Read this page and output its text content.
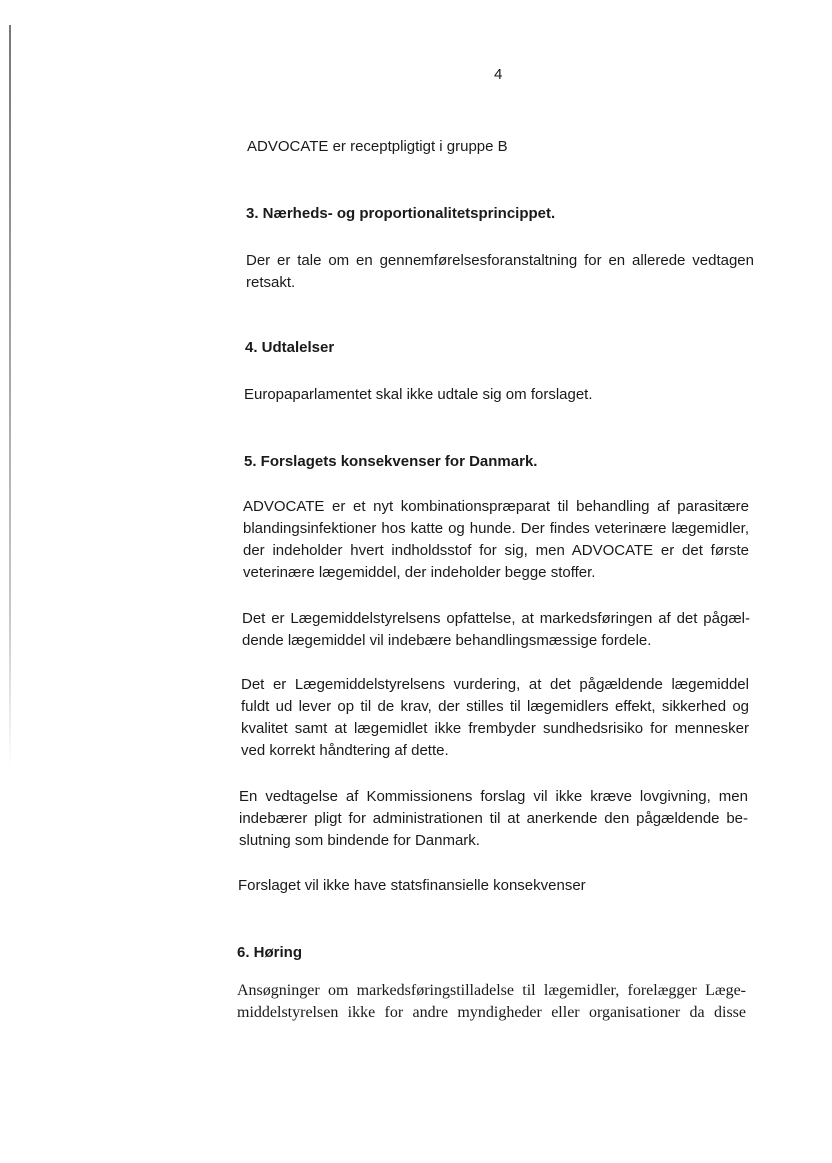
4
ADVOCATE er receptpligtigt i gruppe B
3. Nærheds- og proportionalitetsprincippet.
Der er tale om en gennemførelsesforanstaltning for en allerede vedtagen
retsakt.
4. Udtalelser
Europaparlamentet skal ikke udtale sig om forslaget.
5. Forslagets konsekvenser for Danmark.
ADVOCATE er et nyt kombinationspræparat til behandling af parasitære
blandingsinfektioner hos katte og hunde. Der findes veterinære lægemidler,
der indeholder hvert indholdsstof for sig, men ADVOCATE er det første
veterinære lægemiddel, der indeholder begge stoffer.
Det er Lægemiddelstyrelsens opfattelse, at markedsføringen af det pågæl-
dende lægemiddel vil indebære behandlingsmæssige fordele.
Det er Lægemiddelstyrelsens vurdering, at det pågældende lægemiddel
fuldt ud lever op til de krav, der stilles til lægemidlers effekt, sikkerhed og
kvalitet samt at lægemidlet ikke frembyder sundhedsrisiko for mennesker
ved korrekt håndtering af dette.
En vedtagelse af Kommissionens forslag vil ikke kræve lovgivning, men
indebærer pligt for administrationen til at anerkende den pågældende be-
slutning som bindende for Danmark.
Forslaget vil ikke have statsfinansielle konsekvenser
6. Høring
Ansøgninger om markedsføringstilladelse til lægemidler, forelægger Læge-
middelstyrelsen ikke for andre myndigheder eller organisationer da disse
